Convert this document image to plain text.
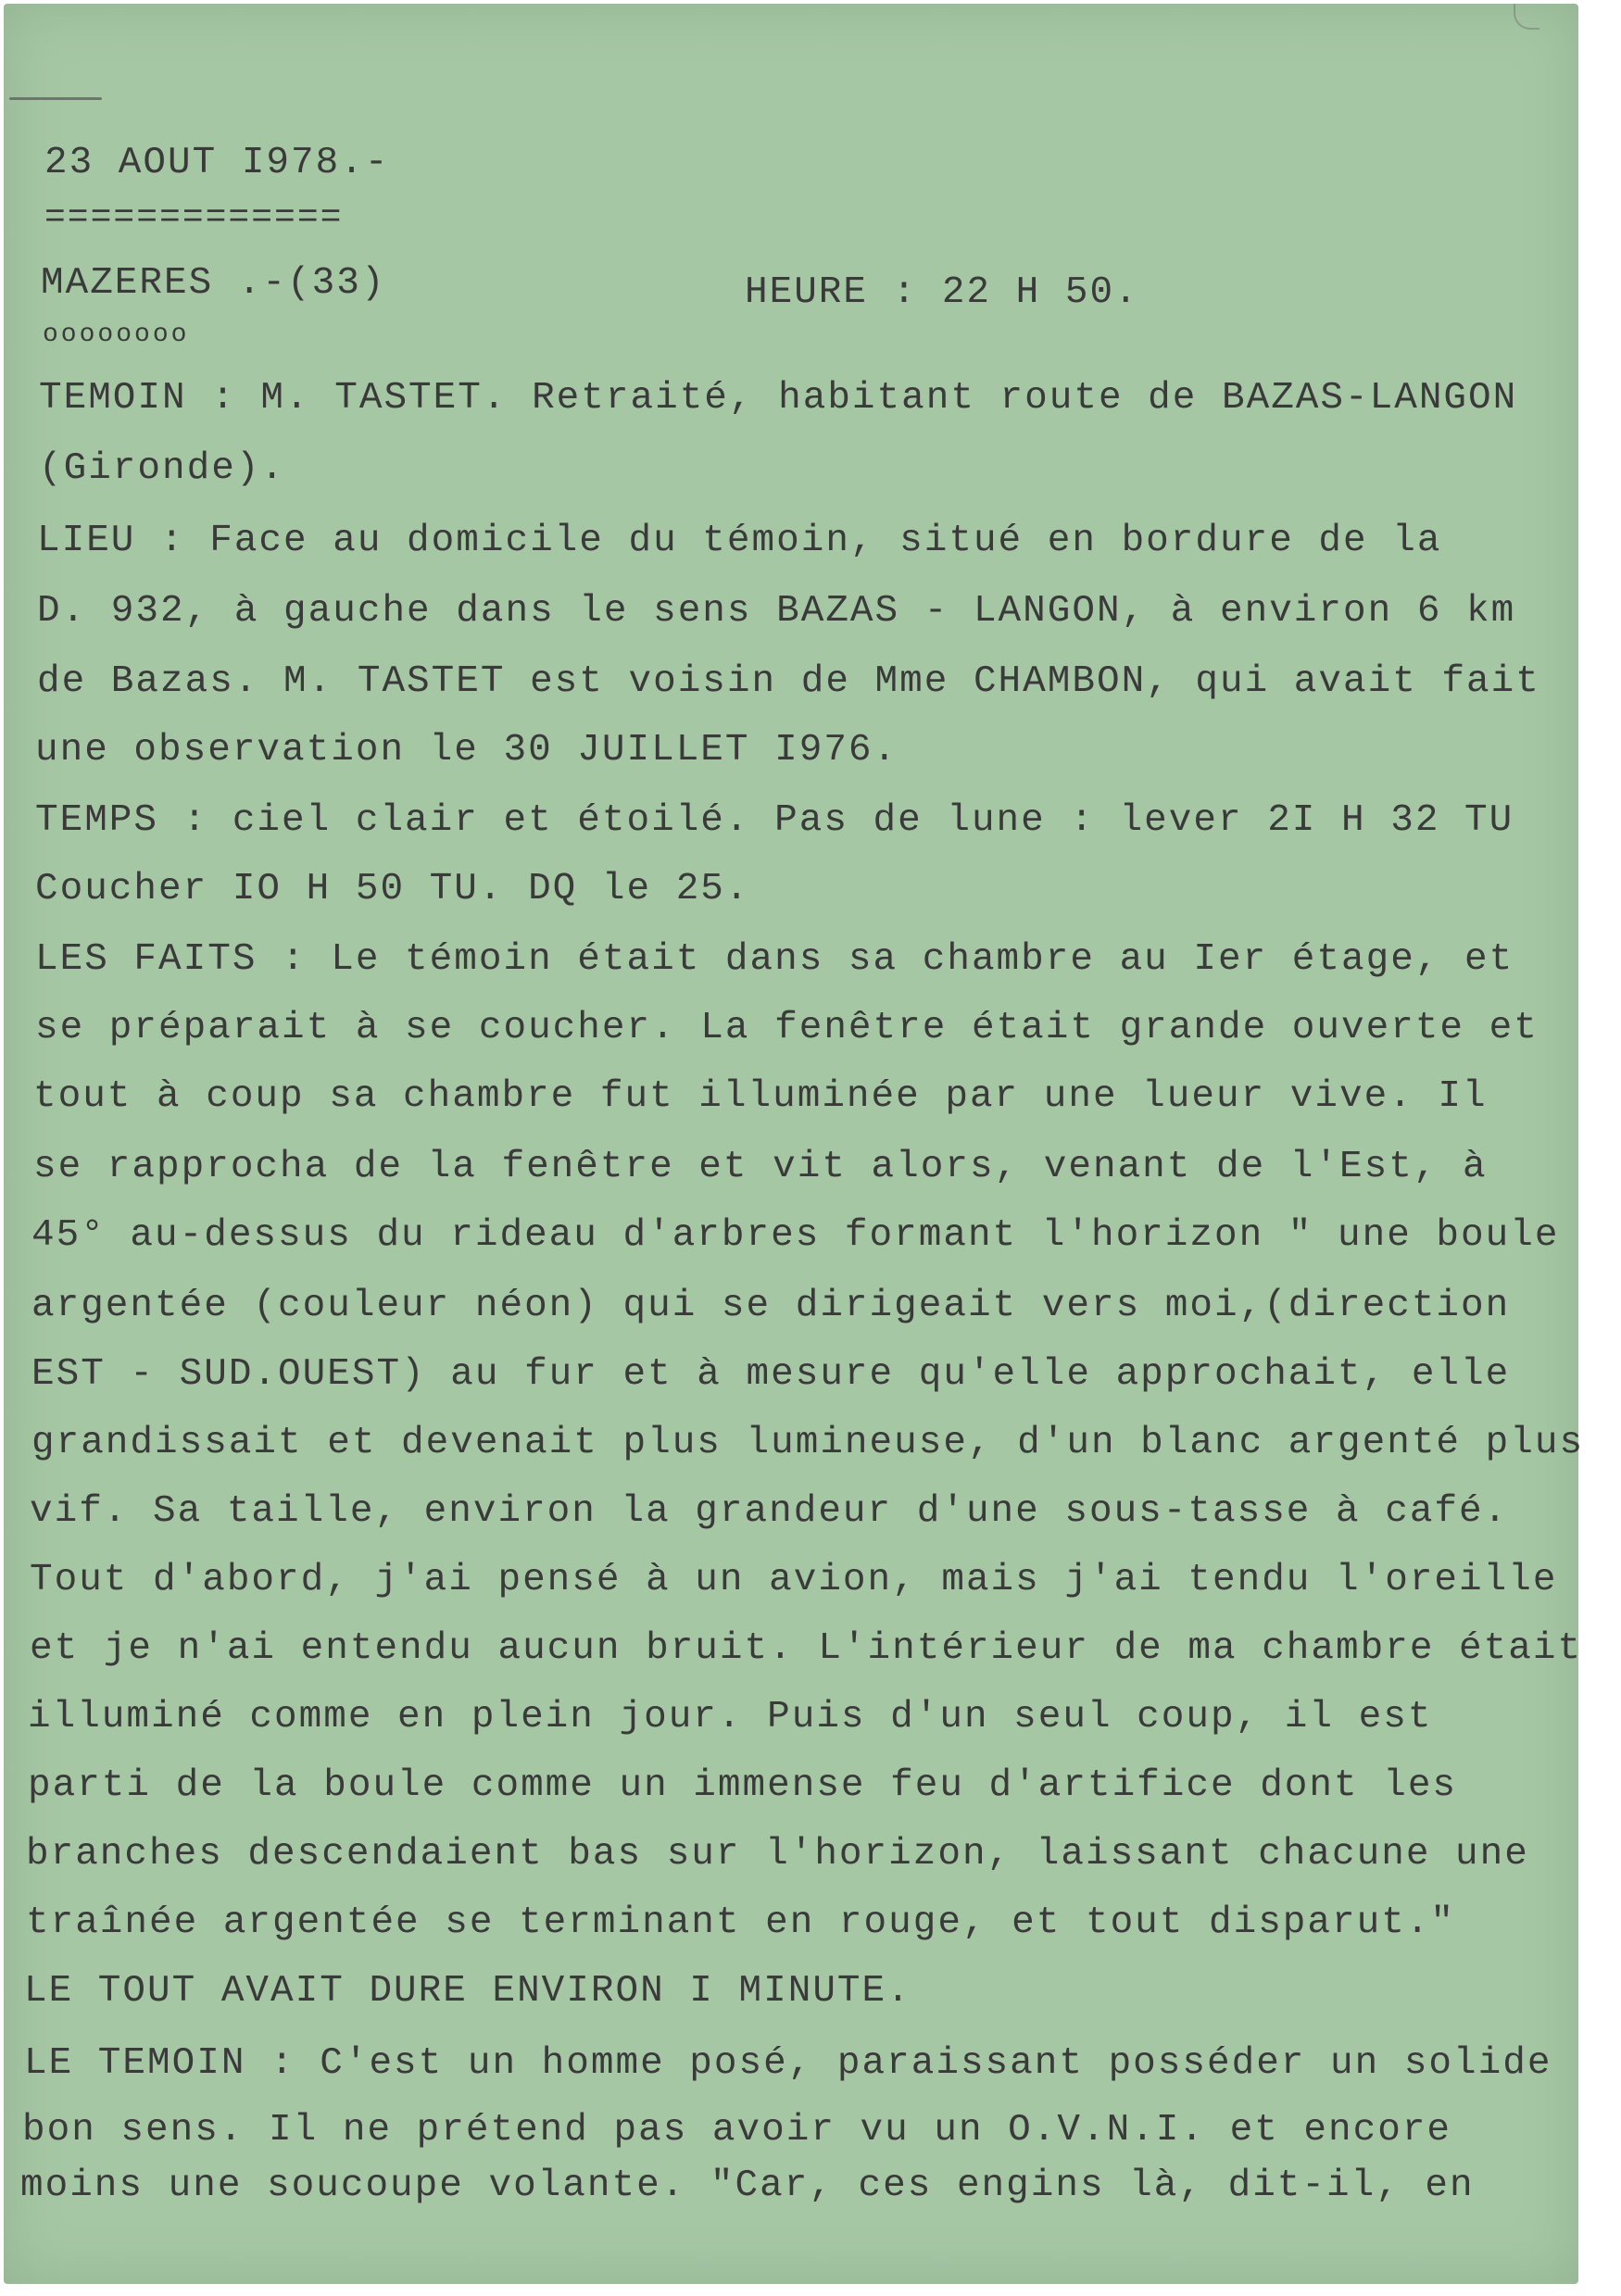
23 AOUT I978.-
=============
MAZERES .-(33)	HEURE : 22 H 50.
oooooooo
TEMOIN : M. TASTET. Retraité, habitant route de BAZAS-LANGON
(Gironde).
LIEU : Face au domicile du témoin, situé en bordure de la
D. 932, à gauche dans le sens BAZAS - LANGON, à environ 6 km
de Bazas. M. TASTET est voisin de Mme CHAMBON, qui avait fait
une observation le 30 JUILLET I976.
TEMPS : ciel clair et étoilé. Pas de lune : lever 2I H 32 TU
Coucher IO H 50 TU. DQ le 25.
LES FAITS : Le témoin était dans sa chambre au Ier étage, et
se préparait à se coucher. La fenêtre était grande ouverte et
tout à coup sa chambre fut illuminée par une lueur vive. Il
se rapprocha de la fenêtre et vit alors, venant de l'Est, à
45° au-dessus du rideau d'arbres formant l'horizon " une boule
argentée (couleur néon) qui se dirigeait vers moi,(direction
EST - SUD.OUEST) au fur et à mesure qu'elle approchait, elle
grandissait et devenait plus lumineuse, d'un blanc argenté plus
vif. Sa taille, environ la grandeur d'une sous-tasse à café.
Tout d'abord, j'ai pensé à un avion, mais j'ai tendu l'oreille
et je n'ai entendu aucun bruit. L'intérieur de ma chambre était
illuminé comme en plein jour. Puis d'un seul coup, il est
parti de la boule comme un immense feu d'artifice dont les
branches descendaient bas sur l'horizon, laissant chacune une
traînée argentée se terminant en rouge, et tout disparut."
LE TOUT AVAIT DURE ENVIRON I MINUTE.
LE TEMOIN : C'est un homme posé, paraissant posséder un solide
bon sens. Il ne prétend pas avoir vu un O.V.N.I. et encore
moins une soucoupe volante. "Car, ces engins là, dit-il, en
